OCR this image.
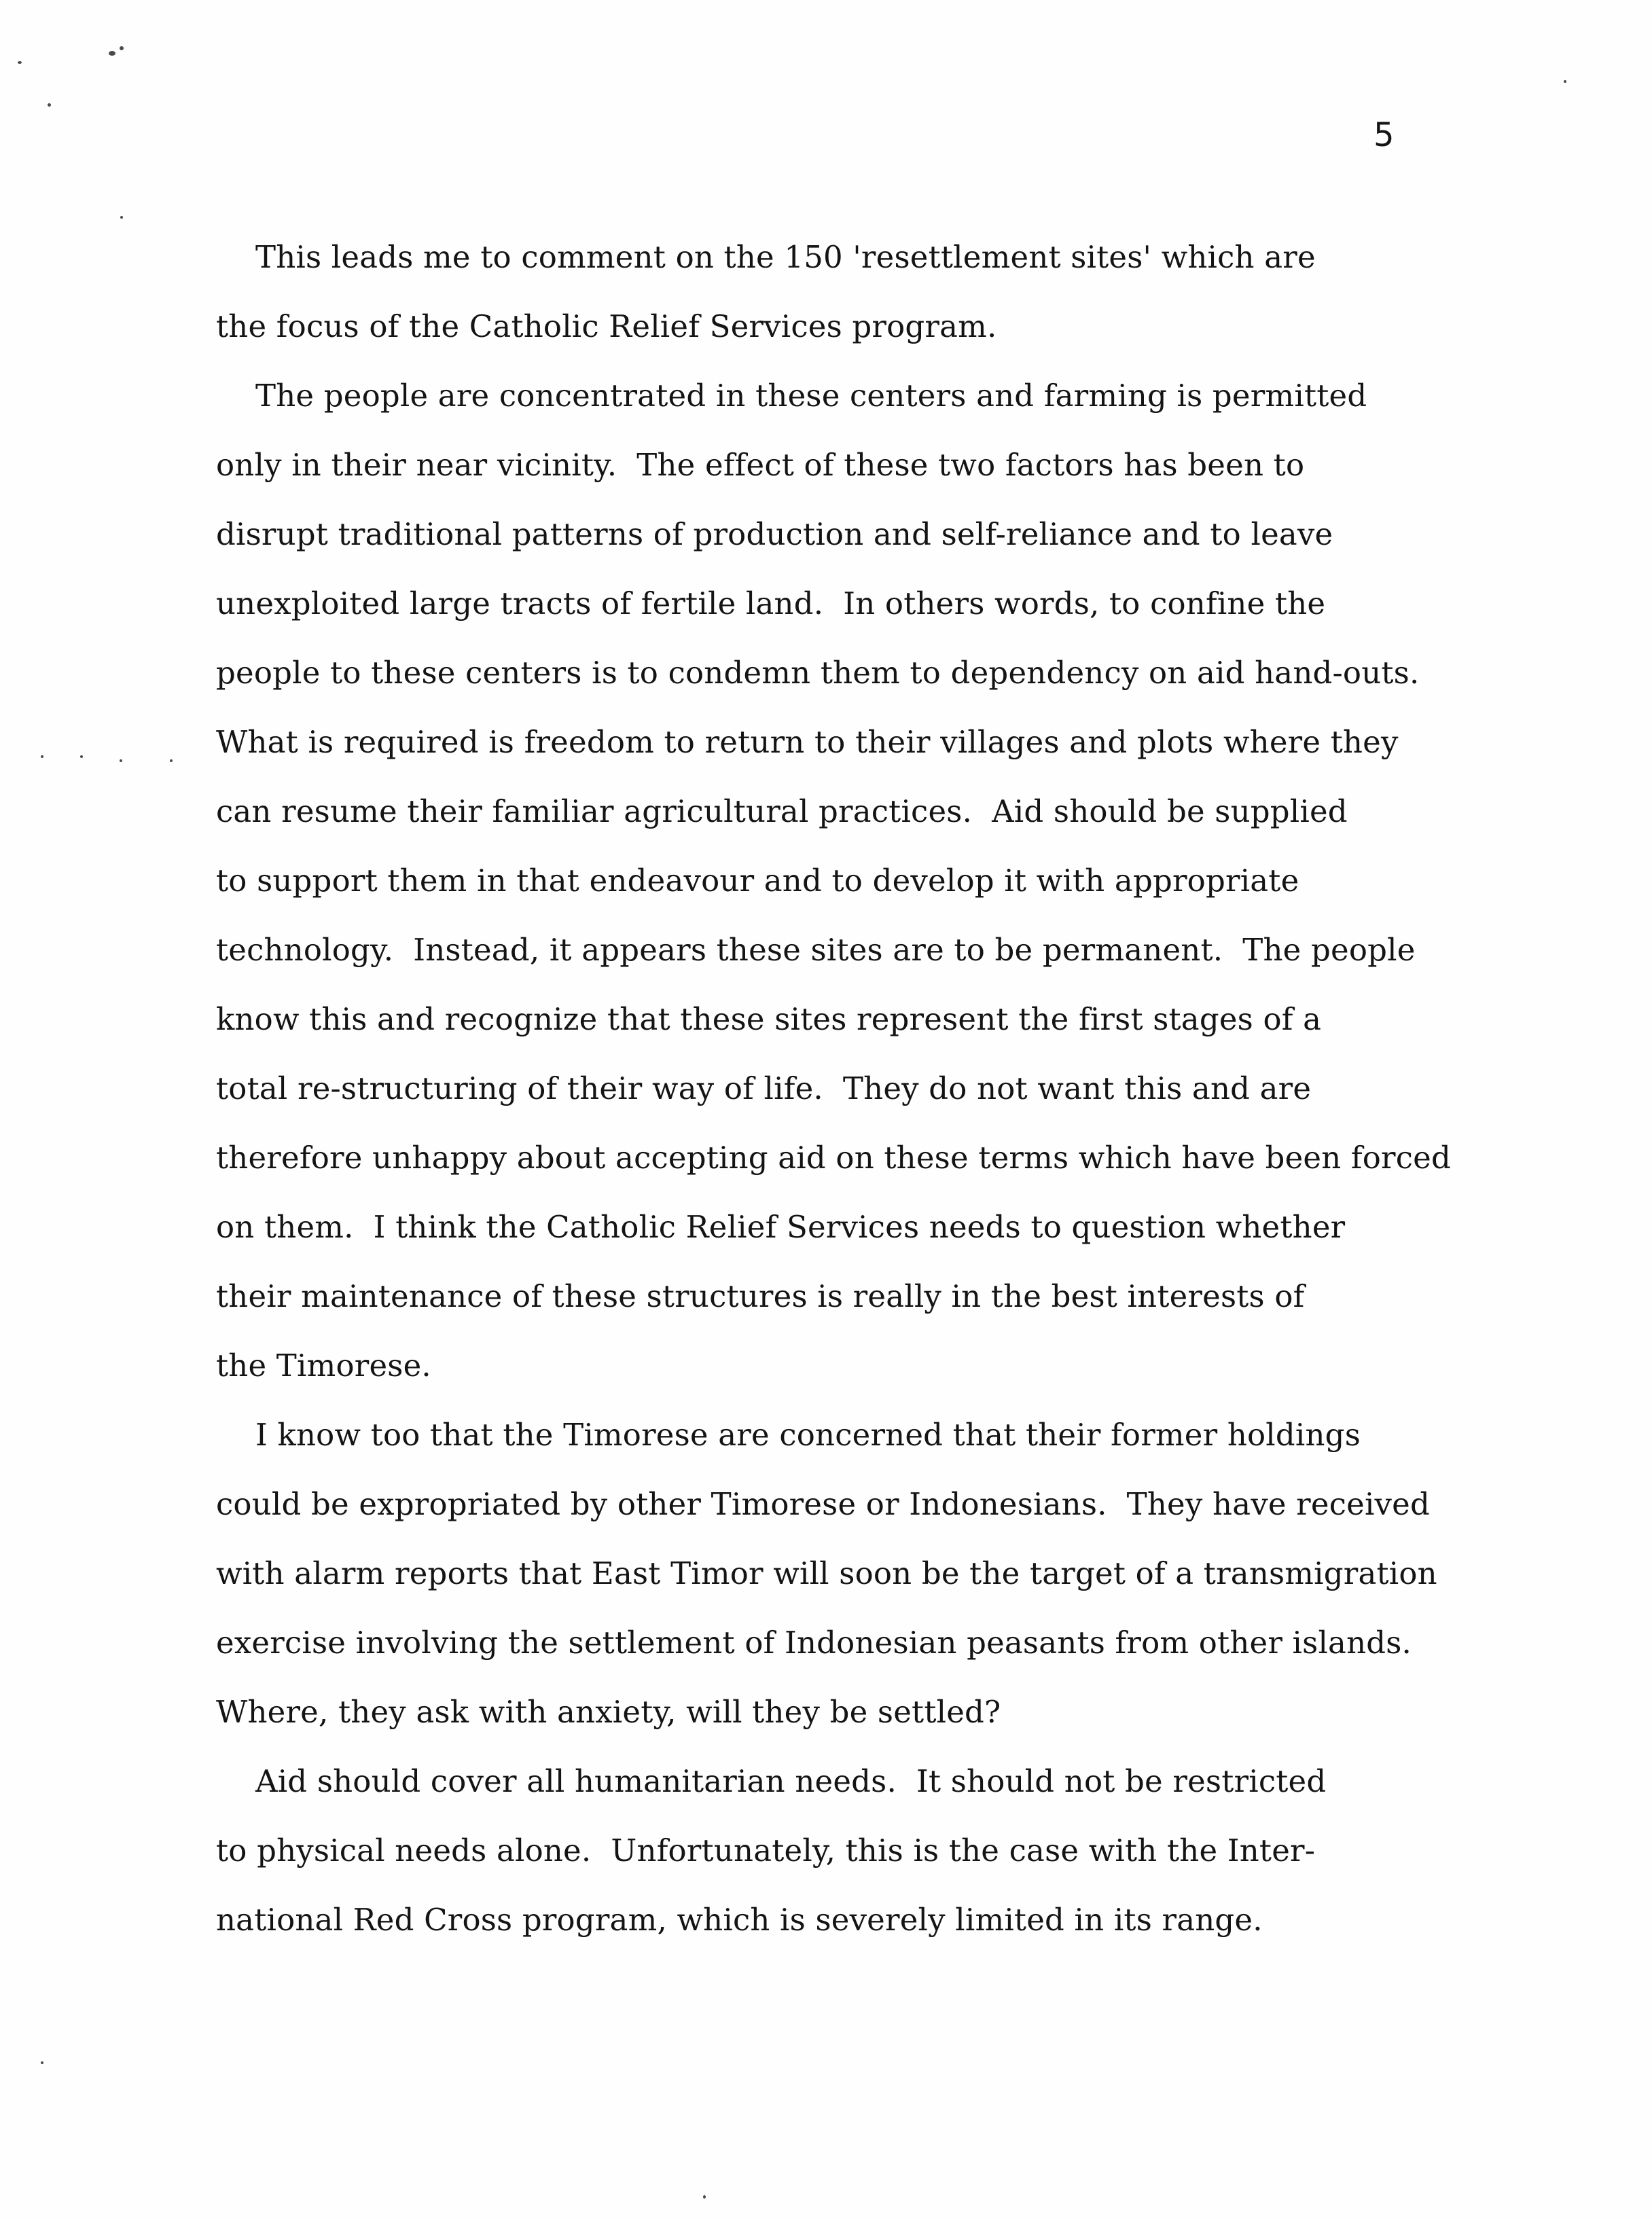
5
This leads me to comment on the 150 'resettlement sites' which are
the focus of the Catholic Relief Services program.
The people are concentrated in these centers and farming is permitted
only in their near vicinity.  The effect of these two factors has been to
disrupt traditional patterns of production and self-reliance and to leave
unexploited large tracts of fertile land.  In others words, to confine the
people to these centers is to condemn them to dependency on aid hand-outs.
What is required is freedom to return to their villages and plots where they
can resume their familiar agricultural practices.  Aid should be supplied
to support them in that endeavour and to develop it with appropriate
technology.  Instead, it appears these sites are to be permanent.  The people
know this and recognize that these sites represent the first stages of a
total re-structuring of their way of life.  They do not want this and are
therefore unhappy about accepting aid on these terms which have been forced
on them.  I think the Catholic Relief Services needs to question whether
their maintenance of these structures is really in the best interests of
the Timorese.
I know too that the Timorese are concerned that their former holdings
could be expropriated by other Timorese or Indonesians.  They have received
with alarm reports that East Timor will soon be the target of a transmigration
exercise involving the settlement of Indonesian peasants from other islands.
Where, they ask with anxiety, will they be settled?
Aid should cover all humanitarian needs.  It should not be restricted
to physical needs alone.  Unfortunately, this is the case with the Inter-
national Red Cross program, which is severely limited in its range.
